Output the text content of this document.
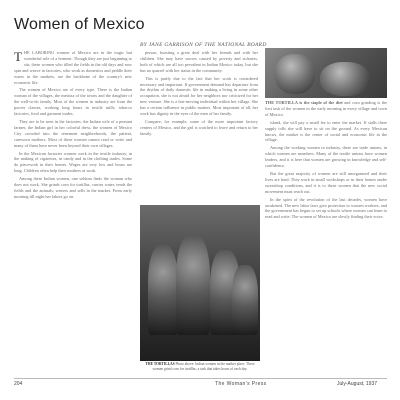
Women of Mexico
BY JANE GARRISON OF THE NATIONAL BOARD

THE LABORING women of Mexico are in the tragic but wonderful role of a ferment. Though they are just beginning to stir, these women who tilled the fields in the old days and now spin and weave in factories, who work as domestics and peddle their wares in the markets, are the backbone of the country's new economic life.

The women of Mexico are of every type. There is the Indian woman of the villages, the mestiza of the towns and the daughter of the well-to-do family. Most of the women in industry are from the poorer classes, working long hours in textile mills, tobacco factories, food and garment trades.

They are to be seen in the factories: the Indian wife of a peasant farmer, the Indian girl in her colorful dress, the women of Mexico City crowded into the tenement neighborhoods, the patient, careworn mothers. Most of these women cannot read or write and many of them have never been beyond their own villages.

In the Mexican factories women work in the textile industry, in the making of cigarettes, in candy and in the clothing trades. Some do piecework in their homes. Wages are very low and hours are long. Children often help their mothers at work.

Among these Indian women, one seldom finds the woman who does not work. She grinds corn for tortillas, carries water, tends the fields and the animals, weaves and sells in the market. From early morning till night her labors go on.

person, boasting a great deal with her friends and with her children. She may have sorrow caused by poverty and sickness, both of which are all too prevalent in Indian Mexico today, but she has no quarrel with her status in the community.

This is partly due to the fact that her work is considered necessary and important. If government demand has departure from the rhythm of daily domestic life in making a living in some other occupation, she is not afraid for her neighbors nor criticized for her new venture. She is a fast-moving individual within her village. She has a certain influence in public matters. Most important of all, her work has dignity in the eyes of the men of her family.

Compare, for example, some of the more important factory centers of Mexico, and the girl is watched to leave and return to her family.

THE TORTILLAS Photo above: Indian women in the market place. These women grind corn for tortillas, a task that takes hours of each day.

THE TORTILLA is the staple of the diet and corn grinding is the first task of the women in the early morning in every village and town of Mexico.

island, she will pay a small fee to enter the market. If stalls there supply tolls she will have to sit on the ground. As every Mexican knows, the market is the center of social and economic life in the village.

Among the working women in industry, there are trade unions, in which women are members. Many of the textile unions have women leaders, and it is here that women are growing in knowledge and self-confidence.

But the great majority of women are still unorganized and their lives are hard. They work in small workshops or in their homes under sweatshop conditions, and it is to these women that the new social movement must reach out.

In the spirit of the revolution of the last decades, women have awakened. The new labor laws give protection to women workers, and the government has begun to set up schools where women can learn to read and write. The women of Mexico are slowly finding their voice.

204	The Woman's Press	July-August, 1937
